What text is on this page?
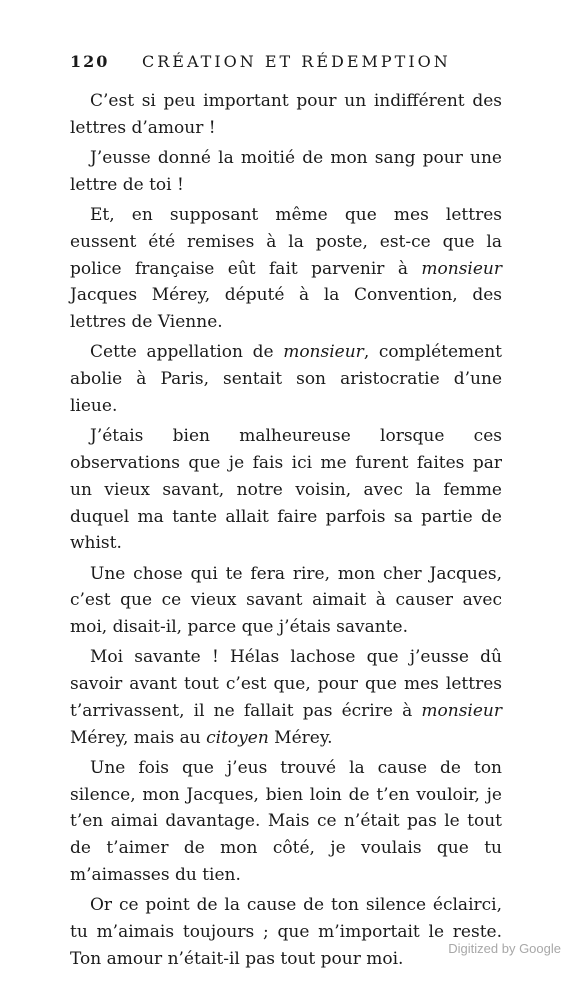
120 CRÉATION ET RÉDEMPTION

C’est si peu important pour un indifférent des lettres d’amour !

J’eusse donné la moitié de mon sang pour une lettre de toi !

Et, en supposant même que mes lettres eussent été remises à la poste, est-ce que la police française eût fait parvenir à monsieur Jacques Mérey, député à la Convention, des lettres de Vienne.

Cette appellation de monsieur, complétement abolie à Paris, sentait son aristocratie d’une lieue.

J’étais bien malheureuse lorsque ces observations que je fais ici me furent faites par un vieux savant, notre voisin, avec la femme duquel ma tante allait faire parfois sa partie de whist.

Une chose qui te fera rire, mon cher Jacques, c’est que ce vieux savant aimait à causer avec moi, disait-il, parce que j’étais savante.

Moi savante ! Hélas lachose que j’eusse dû savoir avant tout c’est que, pour que mes lettres t’arrivassent, il ne fallait pas écrire à monsieur Mérey, mais au citoyen Mérey.

Une fois que j’eus trouvé la cause de ton silence, mon Jacques, bien loin de t’en vouloir, je t’en aimai davantage. Mais ce n’était pas le tout de t’aimer de mon côté, je voulais que tu m’aimasses du tien.

Or ce point de la cause de ton silence éclairci, tu m’aimais toujours ; que m’importait le reste. Ton amour n’était-il pas tout pour moi.

Digitized by Google
